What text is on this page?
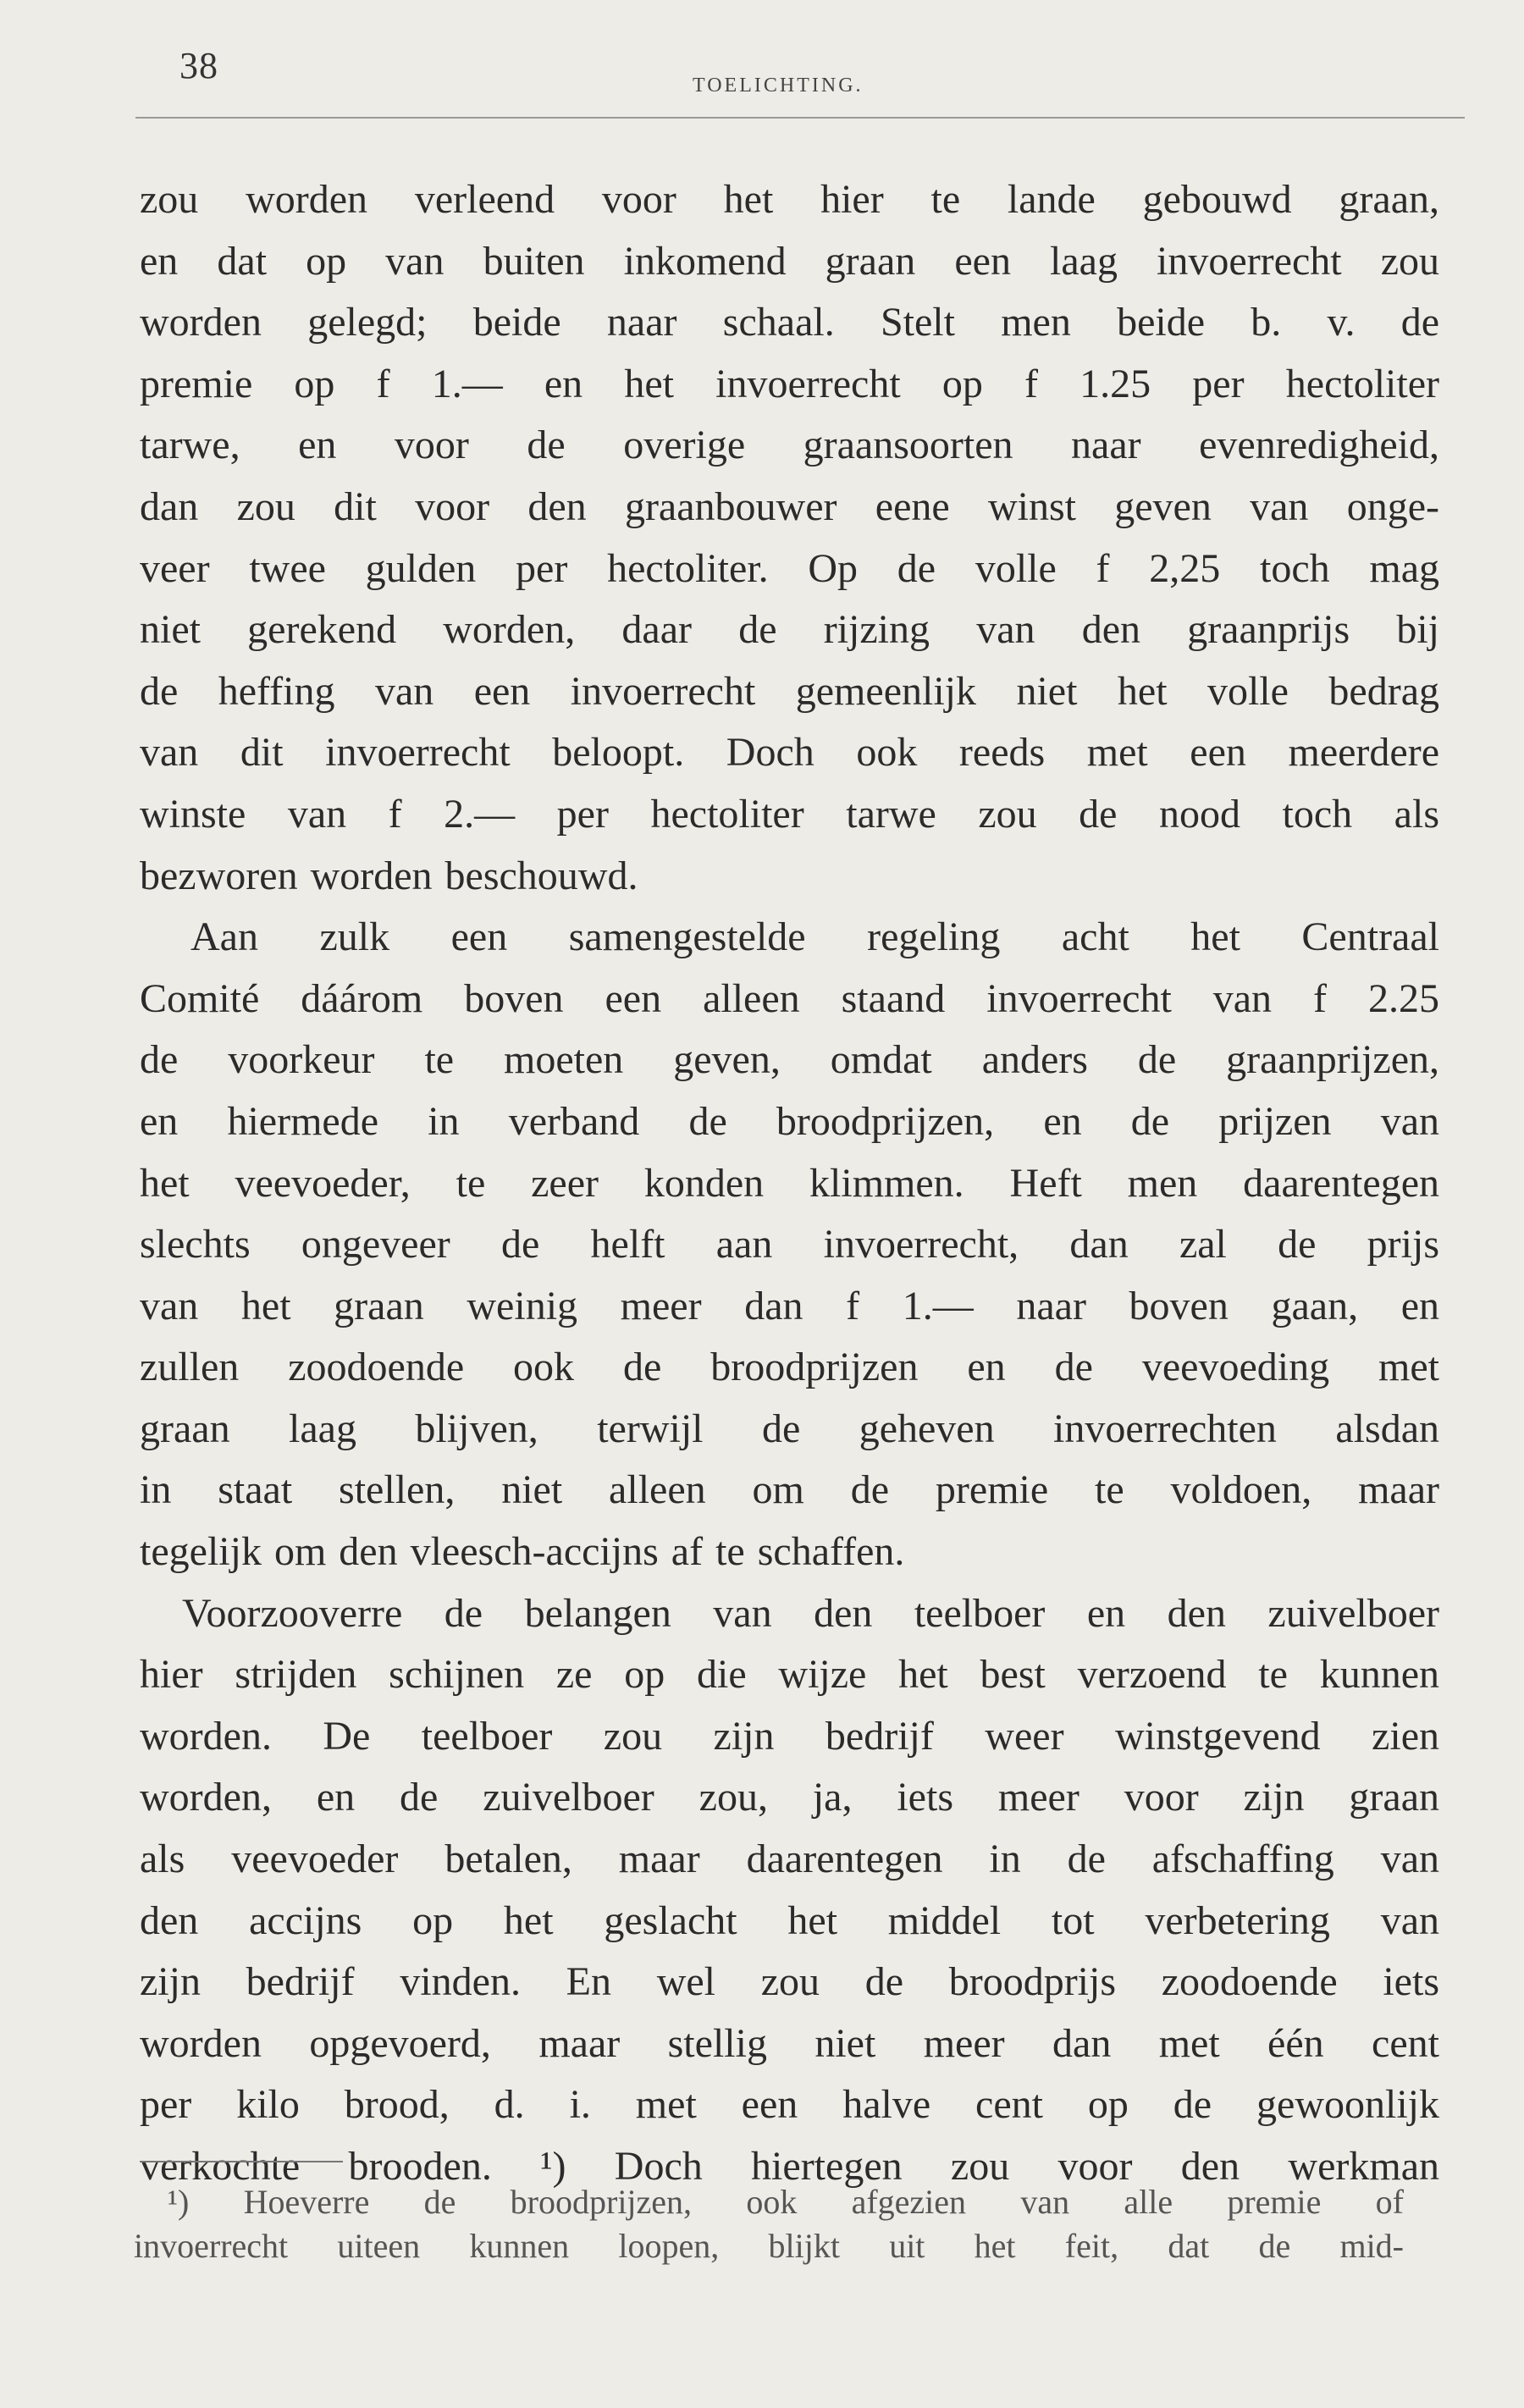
38	TOELICHTING.
zou worden verleend voor het hier te lande gebouwd graan,
en dat op van buiten inkomend graan een laag invoerrecht zou
worden gelegd; beide naar schaal. Stelt men beide b. v. de
premie op f 1.— en het invoerrecht op f 1.25 per hectoliter
tarwe, en voor de overige graansoorten naar evenredigheid,
dan zou dit voor den graanbouwer eene winst geven van onge-
veer twee gulden per hectoliter. Op de volle f 2,25 toch mag
niet gerekend worden, daar de rijzing van den graanprijs bij
de heffing van een invoerrecht gemeenlijk niet het volle bedrag
van dit invoerrecht beloopt. Doch ook reeds met een meerdere
winste van f 2.— per hectoliter tarwe zou de nood toch als
bezworen worden beschouwd.
Aan zulk een samengestelde regeling acht het Centraal
Comité dáárom boven een alleen staand invoerrecht van f 2.25
de voorkeur te moeten geven, omdat anders de graanprijzen,
en hiermede in verband de broodprijzen, en de prijzen van
het veevoeder, te zeer konden klimmen. Heft men daarentegen
slechts ongeveer de helft aan invoerrecht, dan zal de prijs
van het graan weinig meer dan f 1.— naar boven gaan, en
zullen zoodoende ook de broodprijzen en de veevoeding met
graan laag blijven, terwijl de geheven invoerrechten alsdan
in staat stellen, niet alleen om de premie te voldoen, maar
tegelijk om den vleesch-accijns af te schaffen.
Voorzooverre de belangen van den teelboer en den zuivelboer
hier strijden schijnen ze op die wijze het best verzoend te kunnen
worden. De teelboer zou zijn bedrijf weer winstgevend zien
worden, en de zuivelboer zou, ja, iets meer voor zijn graan
als veevoeder betalen, maar daarentegen in de afschaffing van
den accijns op het geslacht het middel tot verbetering van
zijn bedrijf vinden. En wel zou de broodprijs zoodoende iets
worden opgevoerd, maar stellig niet meer dan met één cent
per kilo brood, d. i. met een halve cent op de gewoonlijk
verkochte brooden. ¹) Doch hiertegen zou voor den werkman
¹) Hoeverre de broodprijzen, ook afgezien van alle premie of
invoerrecht uiteen kunnen loopen, blijkt uit het feit, dat de mid-
